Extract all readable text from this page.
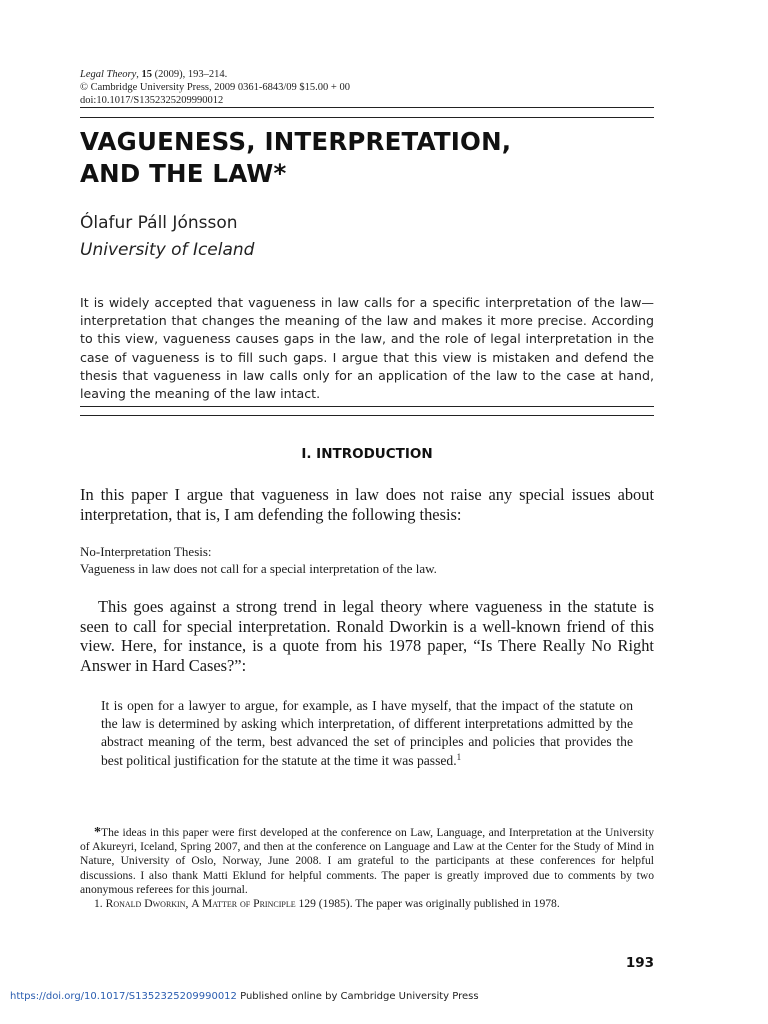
Legal Theory, 15 (2009), 193–214.
© Cambridge University Press, 2009 0361-6843/09 $15.00 + 00
doi:10.1017/S1352325209990012
VAGUENESS, INTERPRETATION,
AND THE LAW*
Ólafur Páll Jónsson
University of Iceland

It is widely accepted that vagueness in law calls for a specific interpretation of the law—interpretation that changes the meaning of the law and makes it more precise. According to this view, vagueness causes gaps in the law, and the role of legal interpretation in the case of vagueness is to fill such gaps. I argue that this view is mistaken and defend the thesis that vagueness in law calls only for an application of the law to the case at hand, leaving the meaning of the law intact.

I. INTRODUCTION

In this paper I argue that vagueness in law does not raise any special issues about interpretation, that is, I am defending the following thesis:

No-Interpretation Thesis:
Vagueness in law does not call for a special interpretation of the law.

This goes against a strong trend in legal theory where vagueness in the statute is seen to call for special interpretation. Ronald Dworkin is a well-known friend of this view. Here, for instance, is a quote from his 1978 paper, “Is There Really No Right Answer in Hard Cases?”:

It is open for a lawyer to argue, for example, as I have myself, that the impact of the statute on the law is determined by asking which interpretation, of different interpretations admitted by the abstract meaning of the term, best advanced the set of principles and policies that provides the best political justification for the statute at the time it was passed.$^1$

*The ideas in this paper were first developed at the conference on Law, Language, and Interpretation at the University of Akureyri, Iceland, Spring 2007, and then at the conference on Language and Law at the Center for the Study of Mind in Nature, University of Oslo, Norway, June 2008. I am grateful to the participants at these conferences for helpful discussions. I also thank Matti Eklund for helpful comments. The paper is greatly improved due to comments by two anonymous referees for this journal.

1. Ronald Dworkin, A Matter of Principle 129 (1985). The paper was originally published in 1978.

193
https://doi.org/10.1017/S1352325209990012 Published online by Cambridge University Press
